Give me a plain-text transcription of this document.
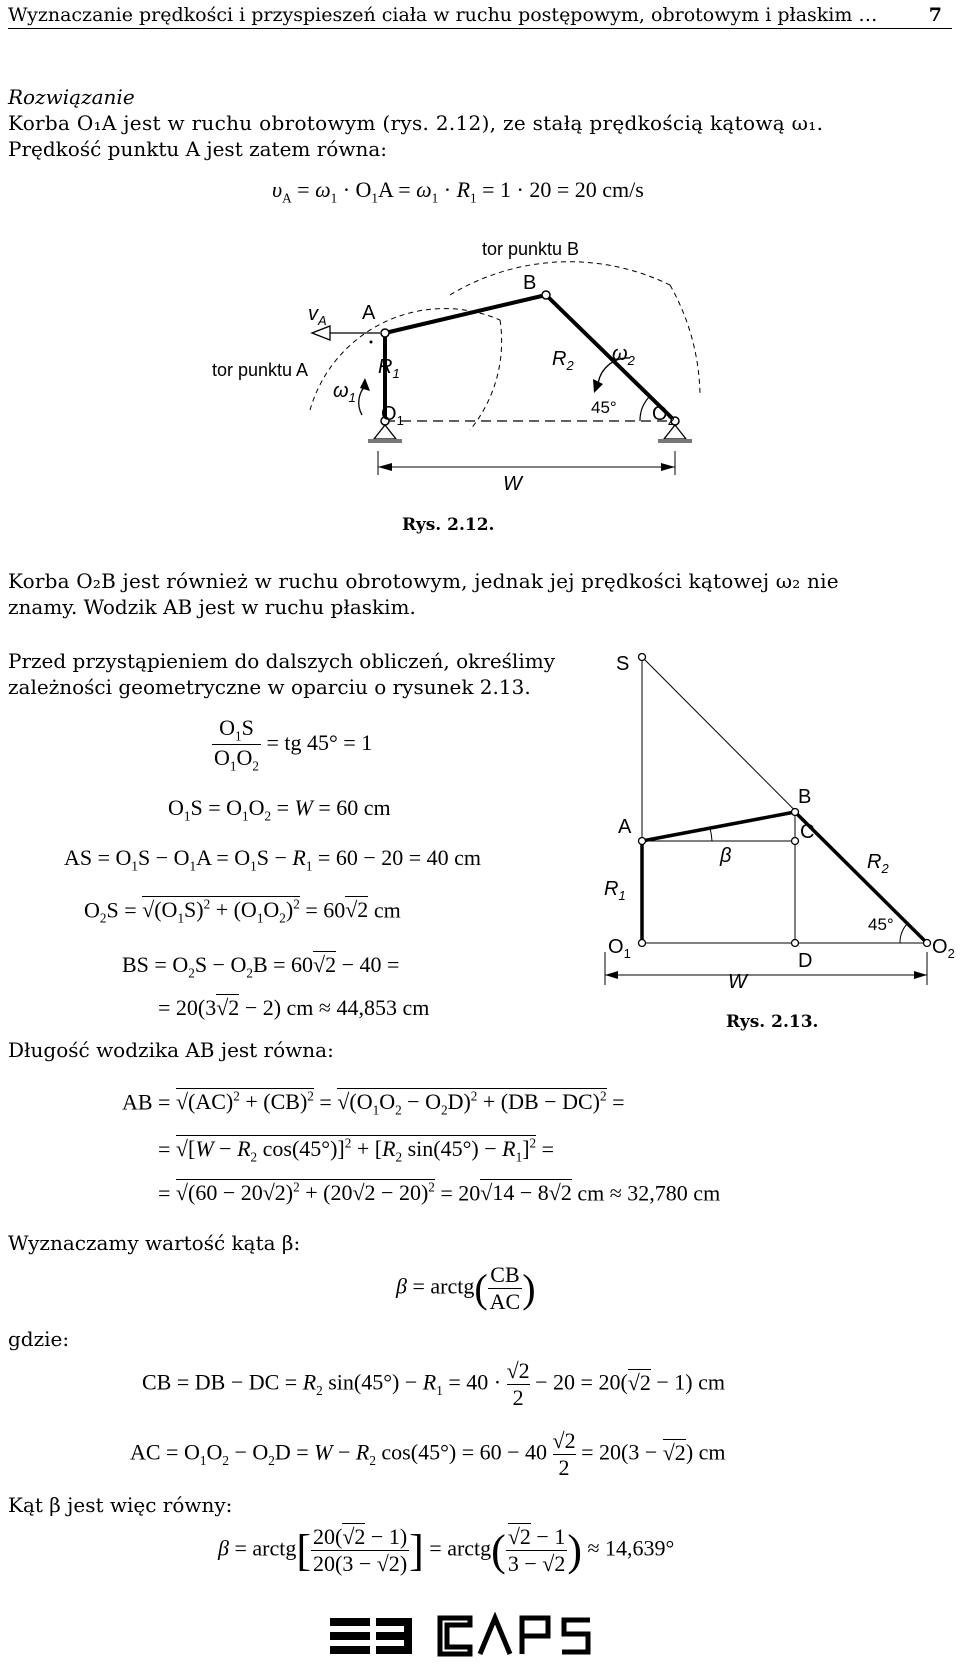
Wyznaczanie prędkości i przyspieszeń ciała w ruchu postępowym, obrotowym i płaskim …	7
Rozwiązanie
Korba O₁A jest w ruchu obrotowym (rys. 2.12), ze stałą prędkością kątową ω₁.
Prędkość punktu A jest zatem równa:
$\upsilon_A = \omega_1 \cdot O_1A = \omega_1 \cdot R_1 = 1 \cdot 20 = 20$ cm/s
tor punktu B
tor punktu A
$v_A$ A
B
$R_1$
$R_2$
$\omega_1$
$\omega_2$
$O_1$	$O_2$
45°
W
Rys. 2.12.
Korba O₂B jest również w ruchu obrotowym, jednak jej prędkości kątowej ω₂ nie
znamy. Wodzik AB jest w ruchu płaskim.
Przed przystąpieniem do dalszych obliczeń, określimy
zależności geometryczne w oparciu o rysunek 2.13.
$\frac{O_1S}{O_1O_2}$ = tg 45° = 1
$O_1S = O_1O_2 = W = 60$ cm
AS = $O_1S - O_1A = O_1S - R_1 = 60 - 20 = 40$ cm
$O_2S = √(O_1S)^2 + (O_1O_2)^2 = 60√2$ cm
BS = $O_2S - O_2B = 60√2 - 40$ =
= 20(3√2 − 2) cm ≈ 44,853 cm
S
A
B
C
D
β
$R_1$
$R_2$
$O_1$	$O_2$
45°
W
Rys. 2.13.
Długość wodzika AB jest równa:
AB = $√(AC)^2 + (CB)^2 = √(O_1O_2 - O_2D)^2 + (DB - DC)^2$ =
= $√[W - R_2$ $\cos(45^\circ)]^2 + [R_2$ $\sin(45^\circ) - R_1]^2$ =
= $√(60 - 20√2)^2 + (20√2 - 20)^2 = 20√14 - 8√2$ cm ≈ 32,780 cm
Wyznaczamy wartość kąta β:
β = arctg( $\frac{CB}{AC}$ )
gdzie:
CB = DB − DC = $R_2$ $\sin(45^\circ) - R_1 = 40 \cdot \frac{√2}{2} - 20 = 20(√2 - 1)$ cm
AC = $O_1O_2 - O_2D = W - R_2$ $\cos(45^\circ) = 60 - 40 \frac{√2}{2} = 20(3 - √2)$ cm
Kąt β jest więc równy:
β = arctg[ $\frac{20(√2 - 1)}{20(3 - √2)}$ ] = arctg( $\frac{√2 - 1}{3 - √2}$ ) ≈ 14,639°
